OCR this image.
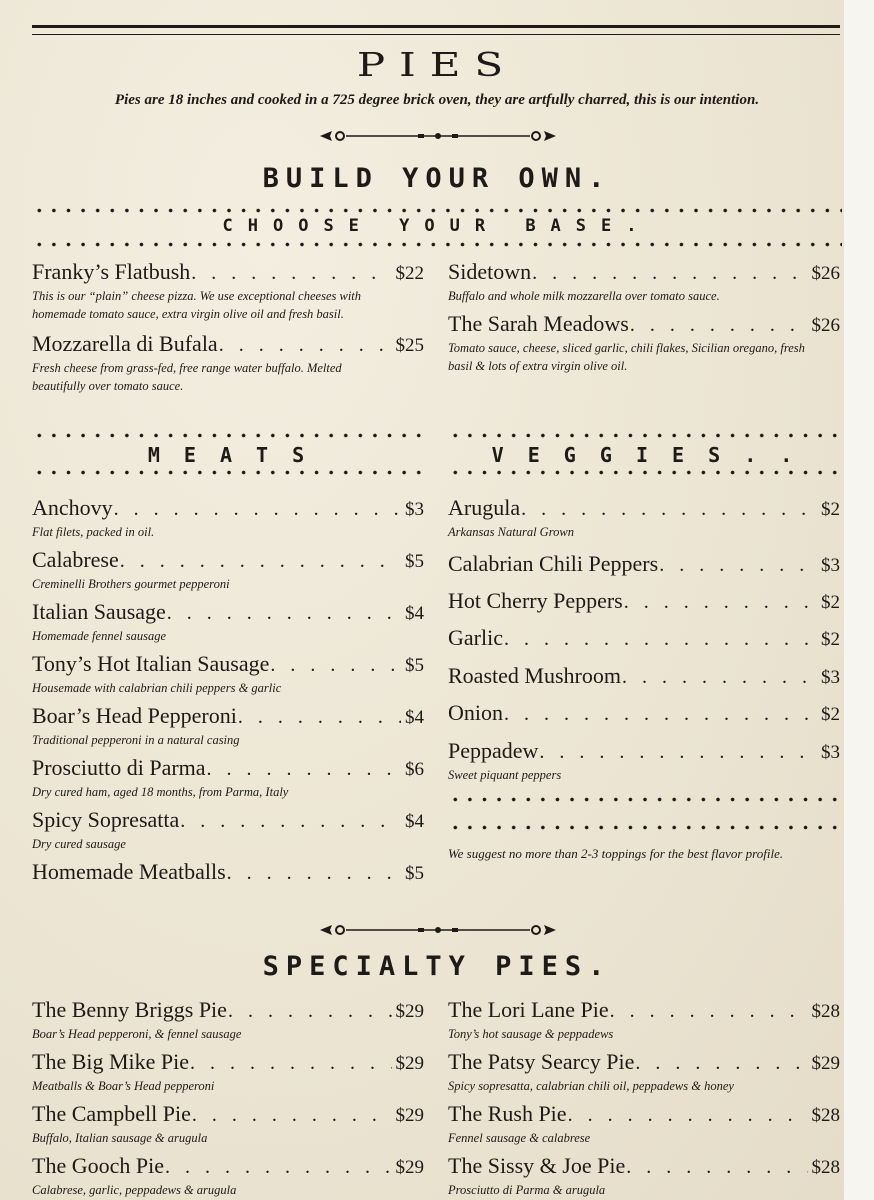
PIES
Pies are 18 inches and cooked in a 725 degree brick oven, they are artfully charred, this is our intention.
BUILD YOUR OWN.
CHOOSE YOUR BASE.
M E A T S	V E G G I E S . .
We suggest no more than 2-3 toppings for the best flavor profile.
SPECIALTY PIES.
Franky’s Flatbush . . .	$22
This is our “plain” cheese pizza. We use exceptional cheeses with homemade tomato sauce, extra virgin olive oil and fresh basil.
Mozzarella di Bufala . . .	$25
Fresh cheese from grass-fed, free range water buffalo. Melted beautifully over tomato sauce.
Sidetown . . .	$26
Buffalo and whole milk mozzarella over tomato sauce.
The Sarah Meadows . . .	$26
Tomato sauce, cheese, sliced garlic, chili flakes, Sicilian oregano, fresh basil & lots of extra virgin olive oil.
Anchovy . . .	$3
Flat filets, packed in oil.
Calabrese . . .	$5
Creminelli Brothers gourmet pepperoni
Italian Sausage . . .	$4
Homemade fennel sausage
Tony’s Hot Italian Sausage . . .	$5
Housemade with calabrian chili peppers & garlic
Boar’s Head Pepperoni . . .	$4
Traditional pepperoni in a natural casing
Prosciutto di Parma . . .	$6
Dry cured ham, aged 18 months, from Parma, Italy
Spicy Sopresatta . . .	$4
Dry cured sausage
Homemade Meatballs . . .	$5
Arugula . . .	$2
Arkansas Natural Grown
Calabrian Chili Peppers . . .	$3
Hot Cherry Peppers . . .	$2
Garlic . . .	$2
Roasted Mushroom . . .	$3
Onion . . .	$2
Peppadew . . .	$3
Sweet piquant peppers
The Benny Briggs Pie . . .	$29
Boar’s Head pepperoni, & fennel sausage
The Big Mike Pie . . .	$29
Meatballs & Boar’s Head pepperoni
The Campbell Pie . . .	$29
Buffalo, Italian sausage & arugula
The Gooch Pie . . .	$29
Calabrese, garlic, peppadews & arugula
The Lori Lane Pie . . .	$28
Tony’s hot sausage & peppadews
The Patsy Searcy Pie . . .	$29
Spicy sopresatta, calabrian chili oil, peppadews & honey
The Rush Pie . . .	$28
Fennel sausage & calabrese
The Sissy & Joe Pie . . .	$28
Prosciutto di Parma & arugula
